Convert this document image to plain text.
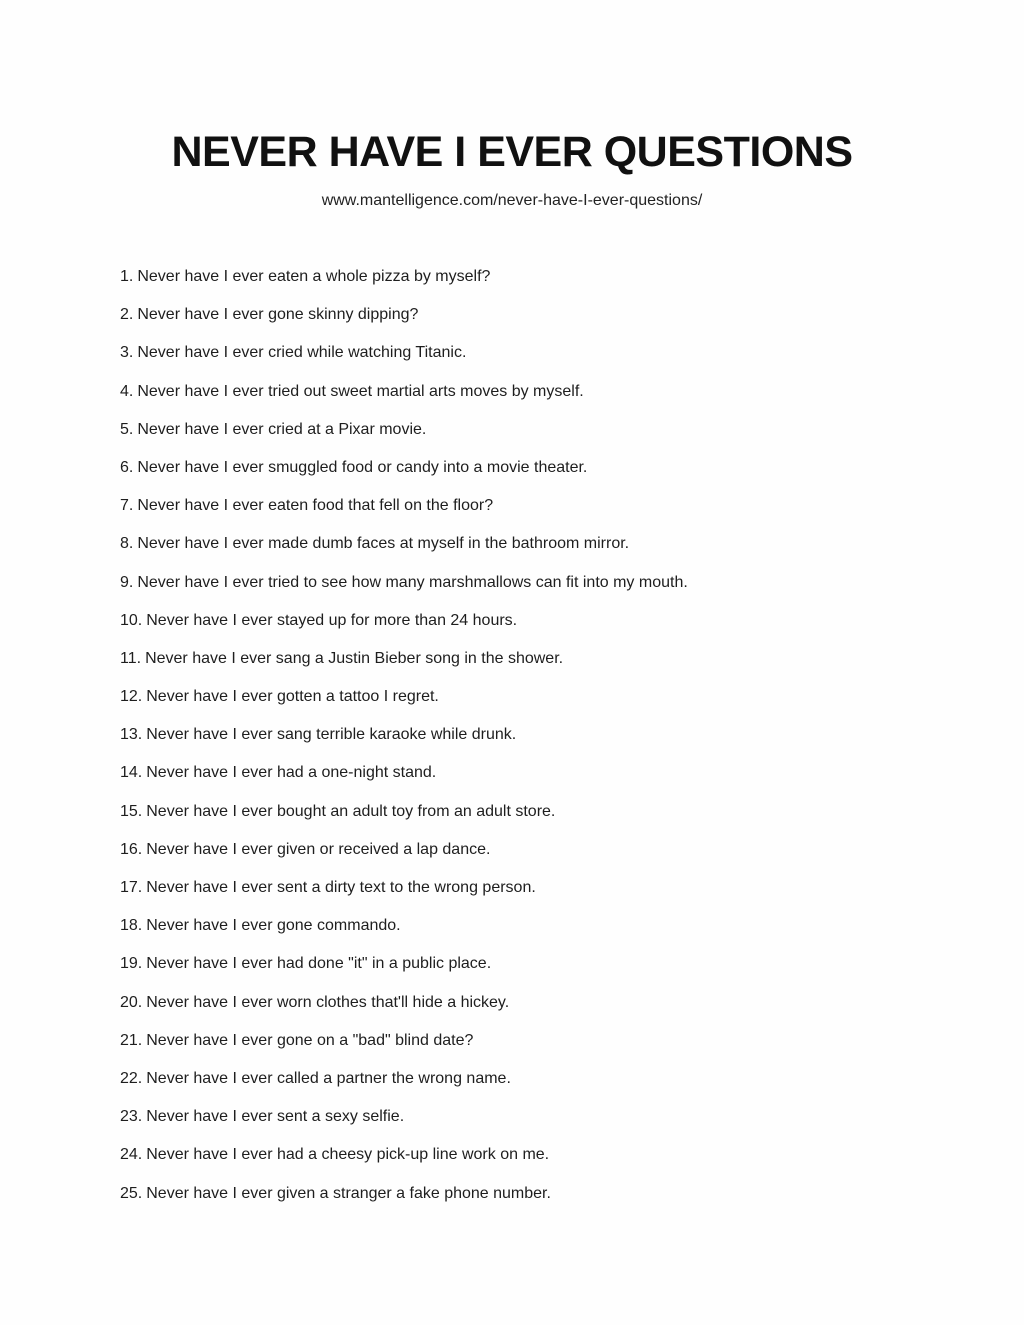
NEVER HAVE I EVER QUESTIONS
www.mantelligence.com/never-have-I-ever-questions/
1. Never have I ever eaten a whole pizza by myself?
2. Never have I ever gone skinny dipping?
3. Never have I ever cried while watching Titanic.
4. Never have I ever tried out sweet martial arts moves by myself.
5. Never have I ever cried at a Pixar movie.
6. Never have I ever smuggled food or candy into a movie theater.
7. Never have I ever eaten food that fell on the floor?
8. Never have I ever made dumb faces at myself in the bathroom mirror.
9. Never have I ever tried to see how many marshmallows can fit into my mouth.
10. Never have I ever stayed up for more than 24 hours.
11. Never have I ever sang a Justin Bieber song in the shower.
12. Never have I ever gotten a tattoo I regret.
13. Never have I ever sang terrible karaoke while drunk.
14. Never have I ever had a one-night stand.
15. Never have I ever bought an adult toy from an adult store.
16. Never have I ever given or received a lap dance.
17. Never have I ever sent a dirty text to the wrong person.
18. Never have I ever gone commando.
19. Never have I ever had done "it" in a public place.
20. Never have I ever worn clothes that'll hide a hickey.
21. Never have I ever gone on a "bad" blind date?
22. Never have I ever called a partner the wrong name.
23. Never have I ever sent a sexy selfie.
24. Never have I ever had a cheesy pick-up line work on me.
25. Never have I ever given a stranger a fake phone number.
